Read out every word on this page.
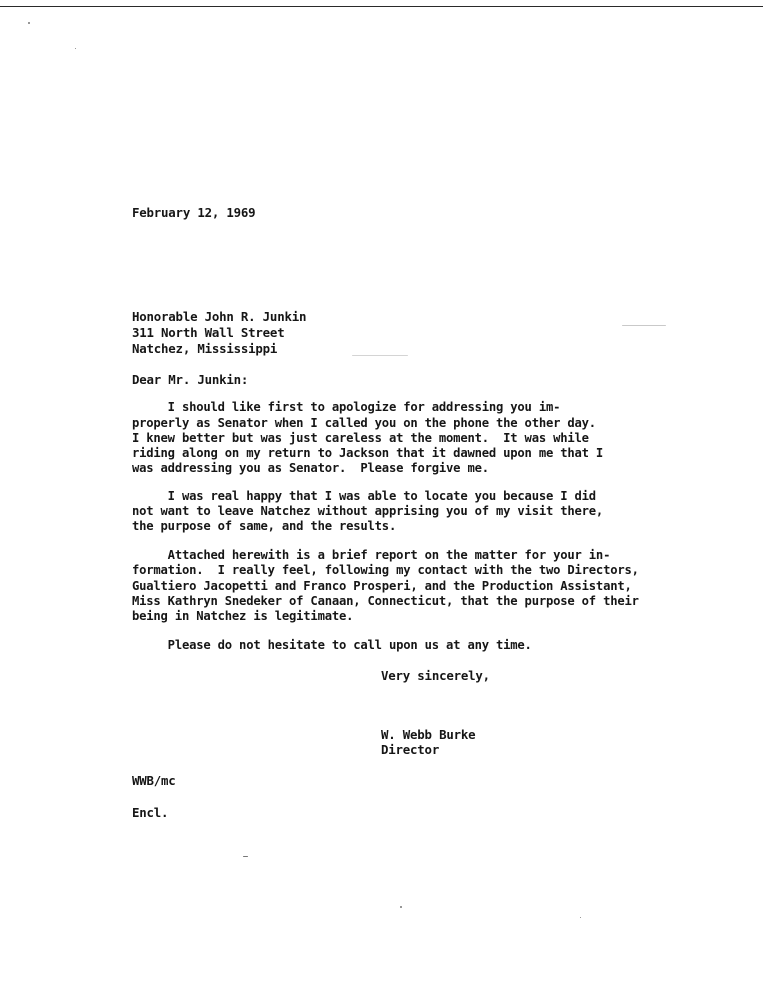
February 12, 1969
Honorable John R. Junkin
311 North Wall Street
Natchez, Mississippi
Dear Mr. Junkin:
I should like first to apologize for addressing you im-
properly as Senator when I called you on the phone the other day.
I knew better but was just careless at the moment.  It was while
riding along on my return to Jackson that it dawned upon me that I
was addressing you as Senator.  Please forgive me.
I was real happy that I was able to locate you because I did
not want to leave Natchez without apprising you of my visit there,
the purpose of same, and the results.
Attached herewith is a brief report on the matter for your in-
formation.  I really feel, following my contact with the two Directors,
Gualtiero Jacopetti and Franco Prosperi, and the Production Assistant,
Miss Kathryn Snedeker of Canaan, Connecticut, that the purpose of their
being in Natchez is legitimate.
Please do not hesitate to call upon us at any time.
Very sincerely,
W. Webb Burke
Director
WWB/mc
Encl.
